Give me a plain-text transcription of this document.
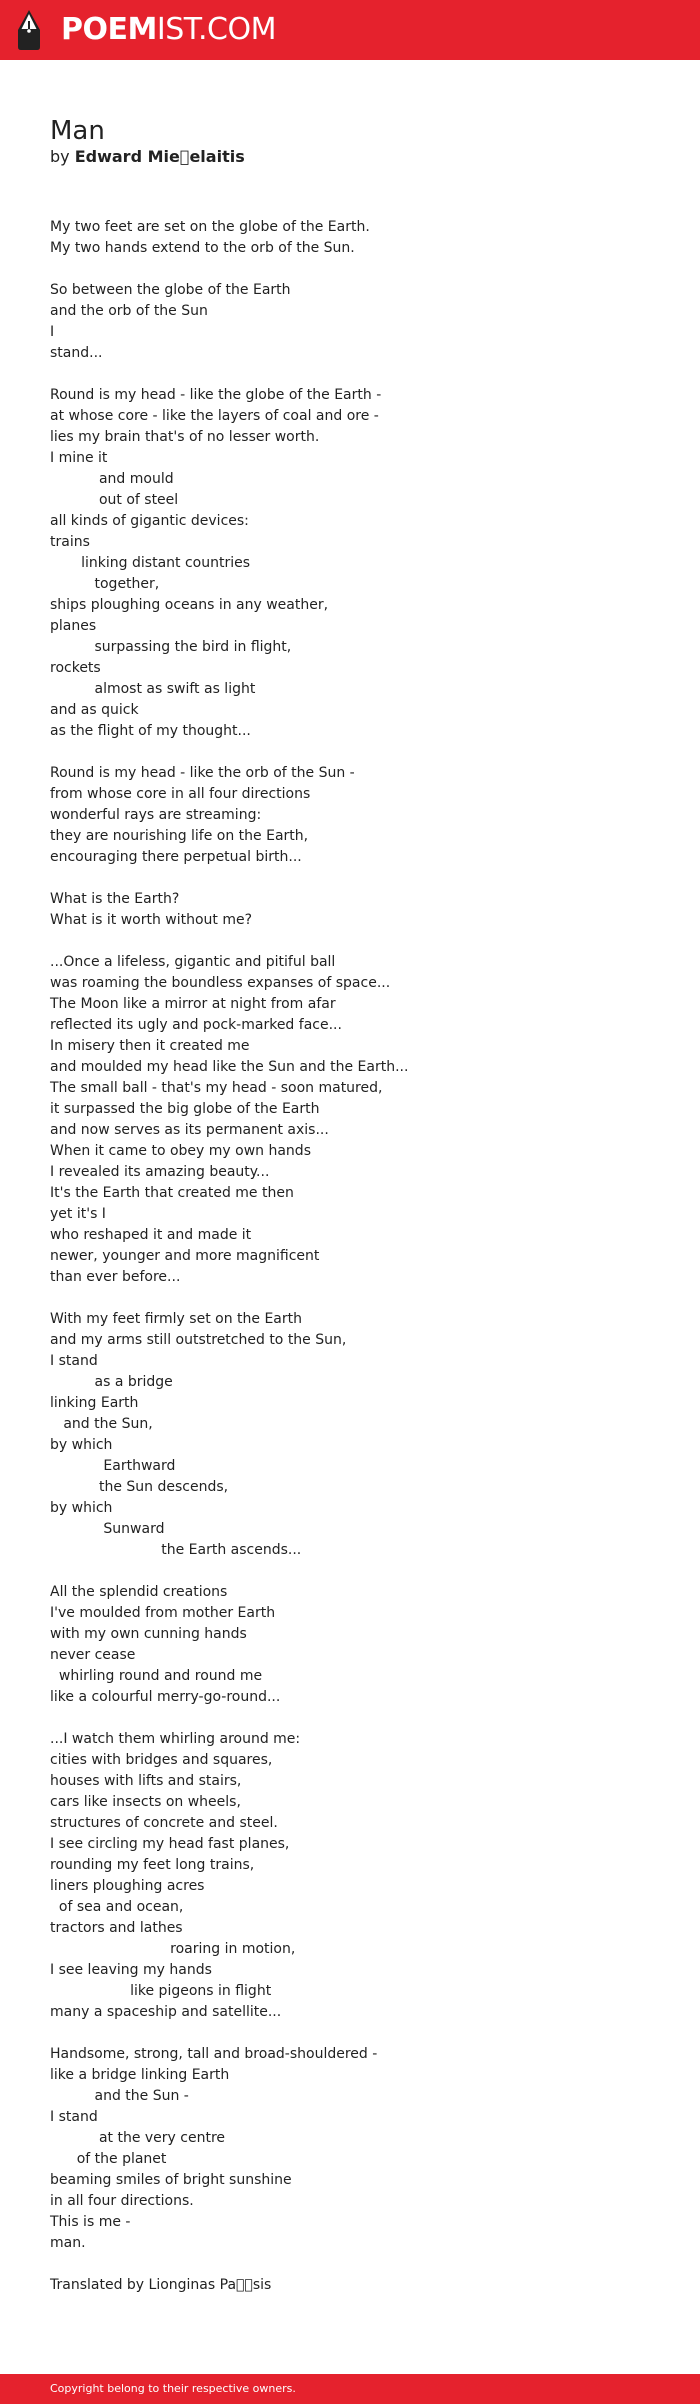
POEMIST.COM
Man
by Edward Mie elaitis
My two feet are set on the globe of the Earth.
My two hands extend to the orb of the Sun.

So between the globe of the Earth
and the orb of the Sun
I
stand...

Round is my head - like the globe of the Earth -
at whose core - like the layers of coal and ore -
lies my brain that's of no lesser worth.
I mine it
and mould
out of steel
all kinds of gigantic devices:
trains
linking distant countries
together,
ships ploughing oceans in any weather,
planes
surpassing the bird in flight,
rockets
almost as swift as light
and as quick
as the flight of my thought...

Round is my head - like the orb of the Sun -
from whose core in all four directions
wonderful rays are streaming:
they are nourishing life on the Earth,
encouraging there perpetual birth...

What is the Earth?
What is it worth without me?

...Once a lifeless, gigantic and pitiful ball
was roaming the boundless expanses of space...
The Moon like a mirror at night from afar
reflected its ugly and pock-marked face...
In misery then it created me
and moulded my head like the Sun and the Earth...
The small ball - that's my head - soon matured,
it surpassed the big globe of the Earth
and now serves as its permanent axis...
When it came to obey my own hands
I revealed its amazing beauty...
It's the Earth that created me then
yet it's I
who reshaped it and made it
newer, younger and more magnificent
than ever before...

With my feet firmly set on the Earth
and my arms still outstretched to the Sun,
I stand
as a bridge
linking Earth
and the Sun,
by which
Earthward
the Sun descends,
by which
Sunward
the Earth ascends...

All the splendid creations
I've moulded from mother Earth
with my own cunning hands
never cease
whirling round and round me
like a colourful merry-go-round...

...I watch them whirling around me:
cities with bridges and squares,
houses with lifts and stairs,
cars like insects on wheels,
structures of concrete and steel.
I see circling my head fast planes,
rounding my feet long trains,
liners ploughing acres
of sea and ocean,
tractors and lathes
roaring in motion,
I see leaving my hands
like pigeons in flight
many a spaceship and satellite...

Handsome, strong, tall and broad-shouldered -
like a bridge linking Earth
and the Sun -
I stand
at the very centre
of the planet
beaming smiles of bright sunshine
in all four directions.
This is me -
man.

Translated by Lionginas Pa  sis
Copyright belong to their respective owners.
